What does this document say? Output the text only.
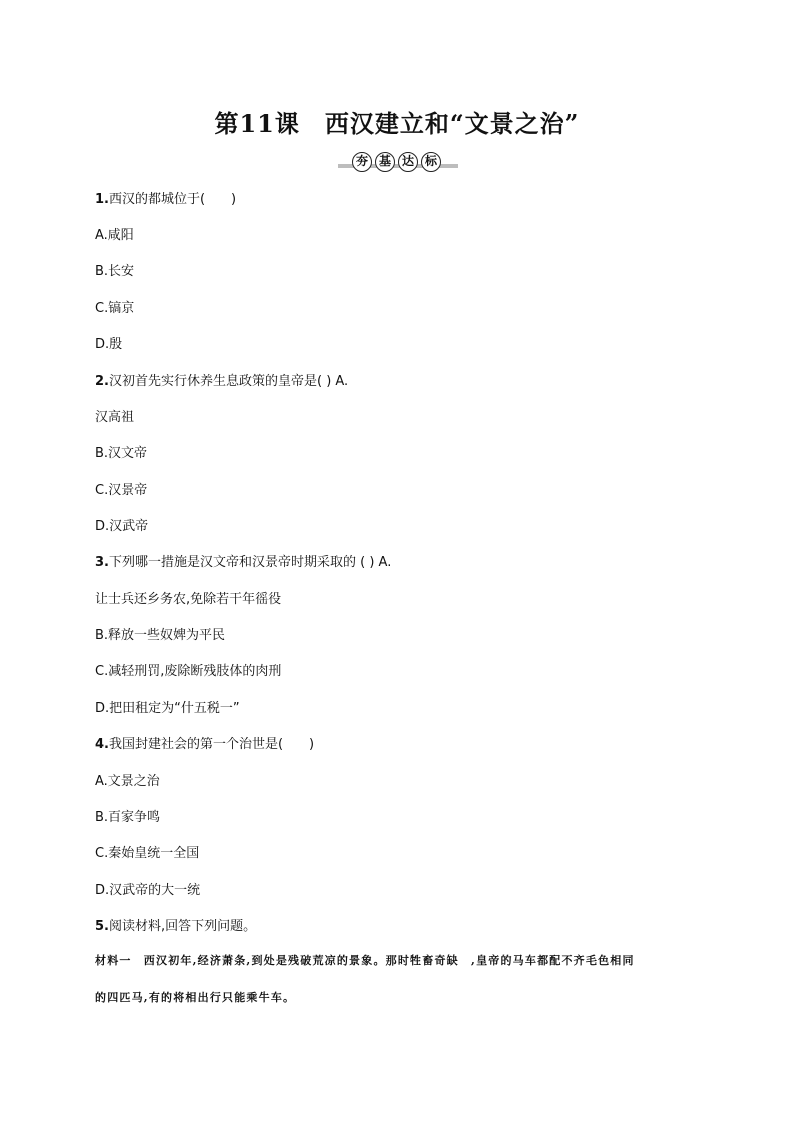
第11课　西汉建立和“文景之治”
夯 基 达 标
1.西汉的都城位于(　　)
A.咸阳
B.长安
C.镐京
D.殷
2.汉初首先实行休养生息政策的皇帝是( ) A.
汉高祖
B.汉文帝
C.汉景帝
D.汉武帝
3.下列哪一措施是汉文帝和汉景帝时期采取的 ( ) A.
让士兵还乡务农,免除若干年徭役
B.释放一些奴婢为平民
C.减轻刑罚,废除断残肢体的肉刑
D.把田租定为“什五税一”
4.我国封建社会的第一个治世是(　　)
A.文景之治
B.百家争鸣
C.秦始皇统一全国
D.汉武帝的大一统
5.阅读材料,回答下列问题。
材料一　西汉初年,经济萧条,到处是残破荒凉的景象。那时牲畜奇缺　,皇帝的马车都配不齐毛色相同
的四匹马,有的将相出行只能乘牛车。
